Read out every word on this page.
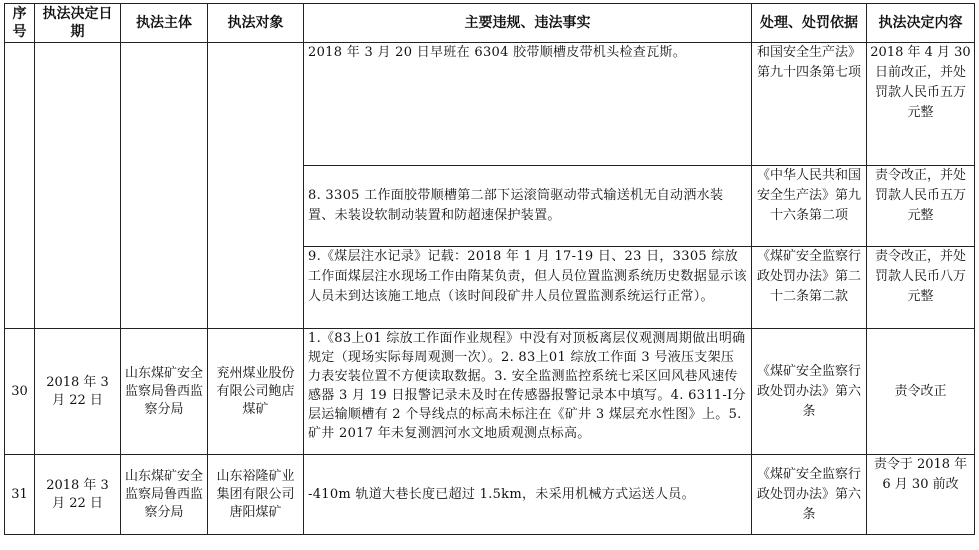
序号	执法决定日期	执法主体	执法对象	主要违规、违法事实	处理、处罚依据	执法决定内容
				2018 年 3 月 20 日早班在 6304 胶带顺槽皮带机头检查瓦斯。	和国安全生产法》第九十四条第七项	2018 年 4 月 30 日前改正，并处罚款人民币五万元整
				8. 3305 工作面胶带顺槽第二部下运滚筒驱动带式输送机无自动洒水装置、未装设软制动装置和防超速保护装置。	《中华人民共和国安全生产法》第九十六条第二项	责令改正，并处罚款人民币五万元整
				9.《煤层注水记录》记载：2018 年 1 月 17-19 日、23 日，3305 综放工作面煤层注水现场工作由隋某负责，但人员位置监测系统历史数据显示该人员未到达该施工地点（该时间段矿井人员位置监测系统运行正常）。	《煤矿安全监察行政处罚办法》第二十二条第二款	责令改正，并处罚款人民币八万元整
30	2018 年 3 月 22 日	山东煤矿安全监察局鲁西监察分局	兖州煤业股份有限公司鲍店煤矿	1.《83上01 综放工作面作业规程》中没有对顶板离层仪观测周期做出明确规定（现场实际每周观测一次）。2. 83上01 综放工作面 3 号液压支架压力表安装位置不方便读取数据。3. 安全监测监控系统七采区回风巷风速传感器 3 月 19 日报警记录未及时在传感器报警记录本中填写。4. 6311-Ⅰ分层运输顺槽有 2 个导线点的标高未标注在《矿井 3 煤层充水性图》上。5. 矿井 2017 年未复测泗河水文地质观测点标高。	《煤矿安全监察行政处罚办法》第六条	责令改正
31	2018 年 3 月 22 日	山东煤矿安全监察局鲁西监察分局	山东裕隆矿业集团有限公司唐阳煤矿	-410m 轨道大巷长度已超过 1.5km，未采用机械方式运送人员。	《煤矿安全监察行政处罚办法》第六条	责令于 2018 年 6 月 30 前改
